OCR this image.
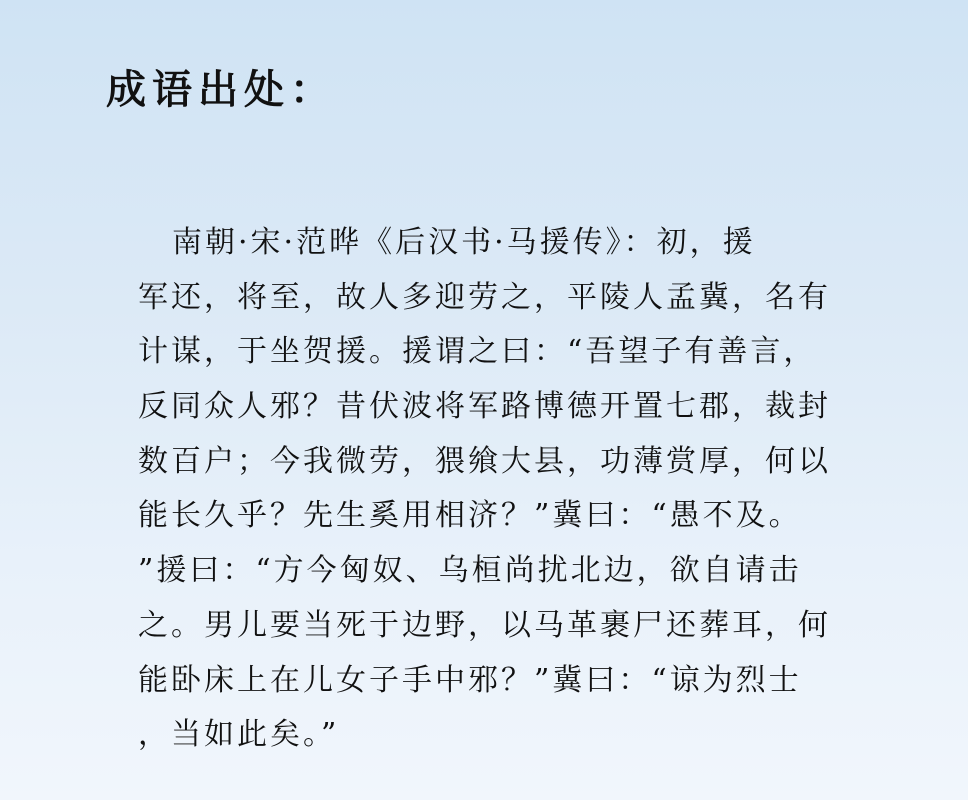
成语出处：
南朝·宋·范晔《后汉书·马援传》：初，援
军还，将至，故人多迎劳之，平陵人孟冀，名有
计谋，于坐贺援。援谓之曰：“吾望子有善言，
反同众人邪？昔伏波将军路博德开置七郡，裁封
数百户；今我微劳，猥飨大县，功薄赏厚，何以
能长久乎？先生奚用相济？”冀曰：“愚不及。
”援曰：“方今匈奴、乌桓尚扰北边，欲自请击
之。男儿要当死于边野，以马革裹尸还葬耳，何
能卧床上在儿女子手中邪？”冀曰：“谅为烈士
，当如此矣。”
